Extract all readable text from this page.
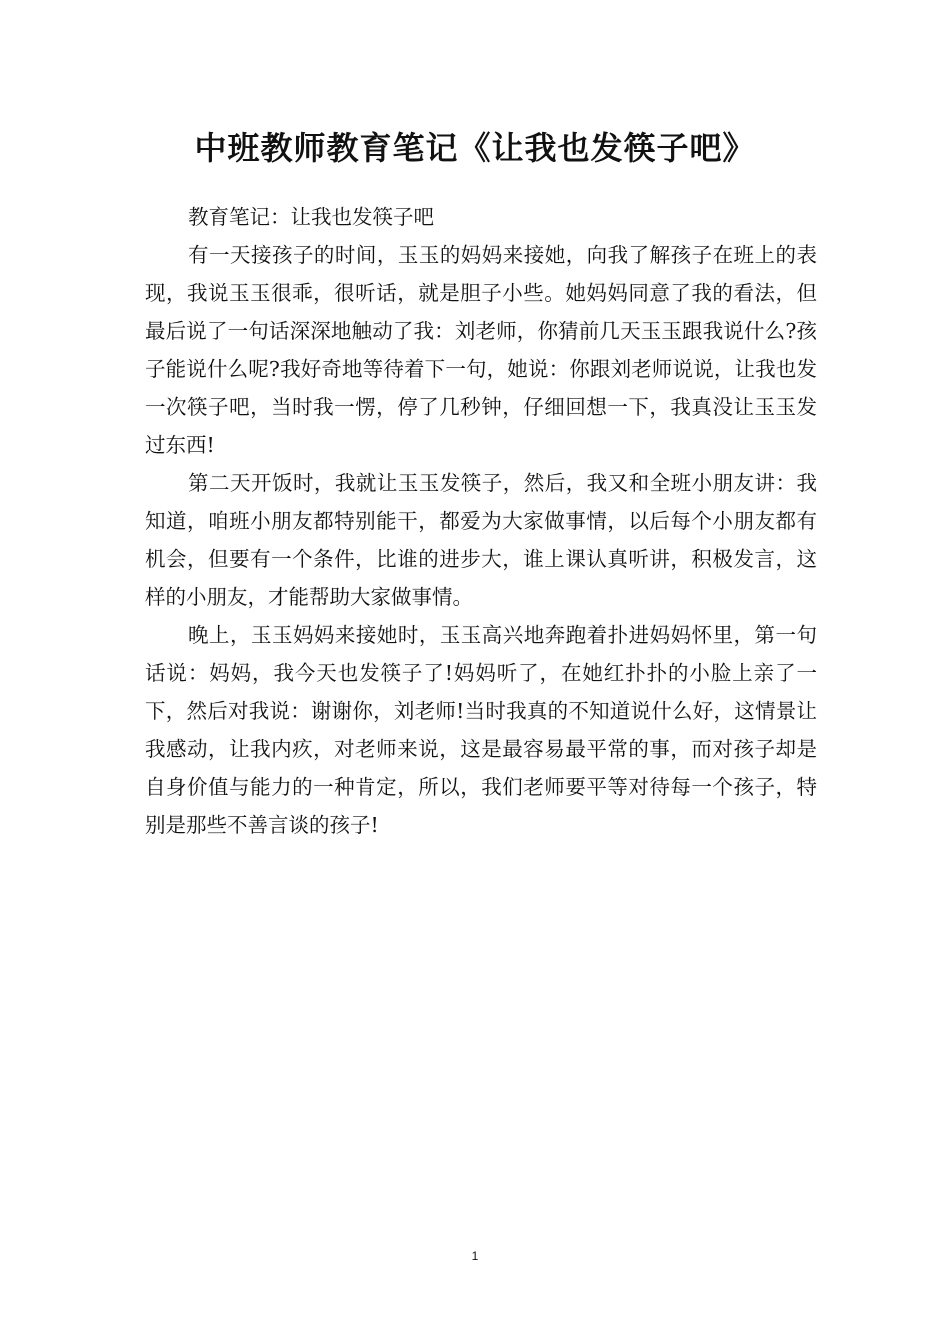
中班教师教育笔记《让我也发筷子吧》

教育笔记：让我也发筷子吧

有一天接孩子的时间，玉玉的妈妈来接她，向我了解孩子在班上的表现，我说玉玉很乖，很听话，就是胆子小些。她妈妈同意了我的看法，但最后说了一句话深深地触动了我：刘老师，你猜前几天玉玉跟我说什么?孩子能说什么呢?我好奇地等待着下一句，她说：你跟刘老师说说，让我也发一次筷子吧，当时我一愣，停了几秒钟，仔细回想一下，我真没让玉玉发过东西!

第二天开饭时，我就让玉玉发筷子，然后，我又和全班小朋友讲：我知道，咱班小朋友都特别能干，都爱为大家做事情，以后每个小朋友都有机会，但要有一个条件，比谁的进步大，谁上课认真听讲，积极发言，这样的小朋友，才能帮助大家做事情。

晚上，玉玉妈妈来接她时，玉玉高兴地奔跑着扑进妈妈怀里，第一句话说：妈妈，我今天也发筷子了!妈妈听了，在她红扑扑的小脸上亲了一下，然后对我说：谢谢你，刘老师!当时我真的不知道说什么好，这情景让我感动，让我内疚，对老师来说，这是最容易最平常的事，而对孩子却是自身价值与能力的一种肯定，所以，我们老师要平等对待每一个孩子，特别是那些不善言谈的孩子!

1
